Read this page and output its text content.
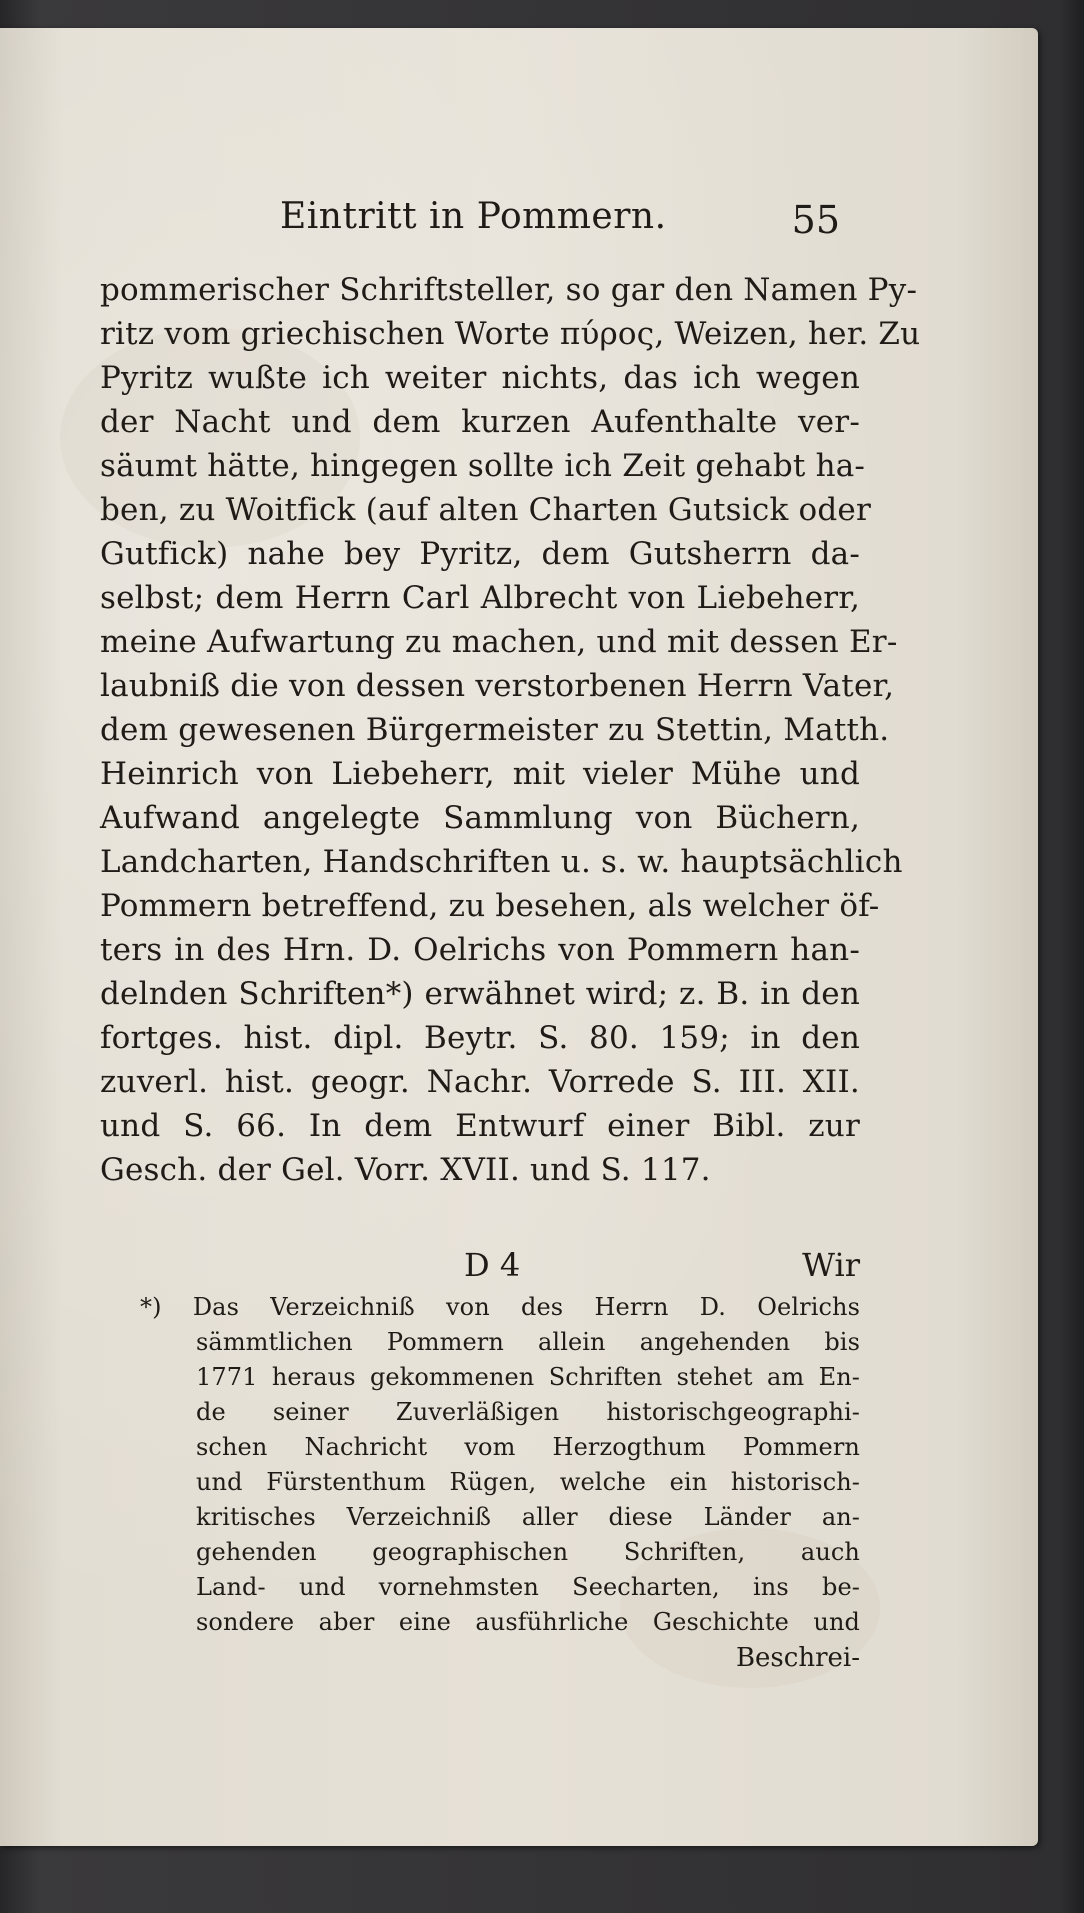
Eintritt in Pommern.	55
pommerischer Schriftsteller, so gar den Namen Py-
ritz vom griechischen Worte πύρος, Weizen, her. Zu
Pyritz wußte ich weiter nichts, das ich wegen
der Nacht und dem kurzen Aufenthalte ver-
säumt hätte, hingegen sollte ich Zeit gehabt ha-
ben, zu Woitfick (auf alten Charten Gutsick oder
Gutfick) nahe bey Pyritz, dem Gutsherrn da-
selbst; dem Herrn Carl Albrecht von Liebeherr,
meine Aufwartung zu machen, und mit dessen Er-
laubniß die von dessen verstorbenen Herrn Vater,
dem gewesenen Bürgermeister zu Stettin, Matth.
Heinrich von Liebeherr, mit vieler Mühe und
Aufwand angelegte Sammlung von Büchern,
Landcharten, Handschriften u. s. w. hauptsächlich
Pommern betreffend, zu besehen, als welcher öf-
ters in des Hrn. D. Oelrichs von Pommern han-
delnden Schriften*) erwähnet wird; z. B. in den
fortges. hist. dipl. Beytr. S. 80. 159; in den
zuverl. hist. geogr. Nachr. Vorrede S. III. XII.
und S. 66. In dem Entwurf einer Bibl. zur
Gesch. der Gel. Vorr. XVII. und S. 117.
D 4	Wir
*) Das Verzeichniß von des Herrn D. Oelrichs
sämmtlichen Pommern allein angehenden bis
1771 heraus gekommenen Schriften stehet am En-
de seiner Zuverläßigen historischgeographi-
schen Nachricht vom Herzogthum Pommern
und Fürstenthum Rügen, welche ein historisch-
kritisches Verzeichniß aller diese Länder an-
gehenden geographischen Schriften, auch
Land- und vornehmsten Seecharten, ins be-
sondere aber eine ausführliche Geschichte und
Beschrei-
